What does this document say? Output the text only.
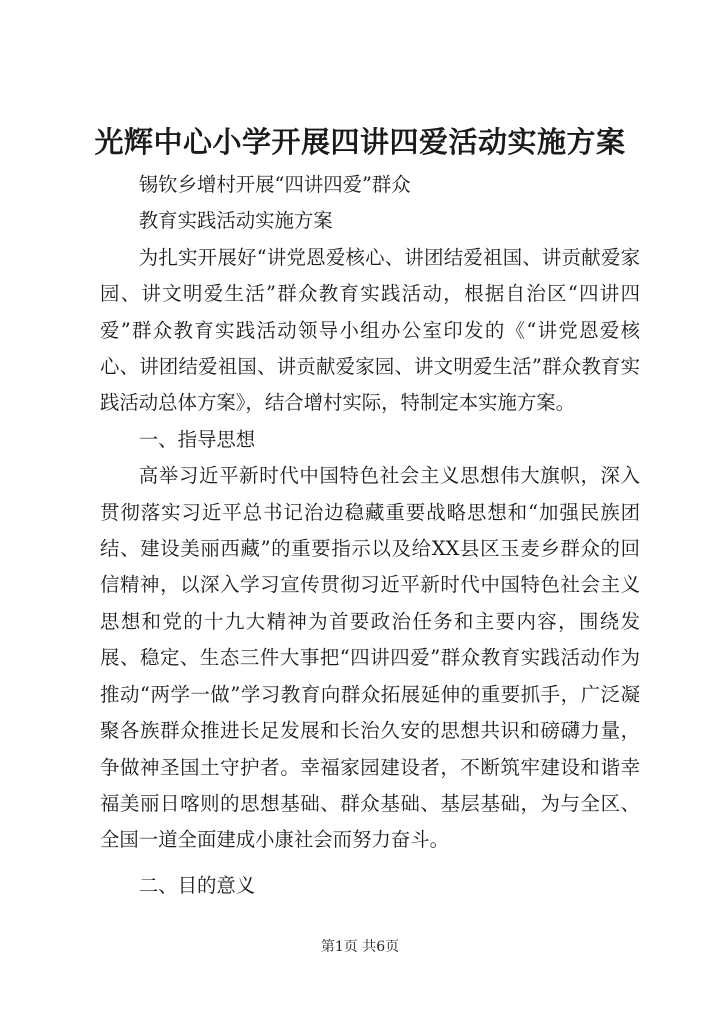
光辉中心小学开展四讲四爱活动实施方案

锡钦乡增村开展“四讲四爱”群众

教育实践活动实施方案

为扎实开展好“讲党恩爱核心、讲团结爱祖国、讲贡献爱家园、讲文明爱生活”群众教育实践活动，根据自治区“四讲四爱”群众教育实践活动领导小组办公室印发的《“讲党恩爱核心、讲团结爱祖国、讲贡献爱家园、讲文明爱生活”群众教育实践活动总体方案》，结合增村实际，特制定本实施方案。

一、指导思想

高举习近平新时代中国特色社会主义思想伟大旗帜，深入贯彻落实习近平总书记治边稳藏重要战略思想和“加强民族团结、建设美丽西藏”的重要指示以及给XX县区玉麦乡群众的回信精神，以深入学习宣传贯彻习近平新时代中国特色社会主义思想和党的十九大精神为首要政治任务和主要内容，围绕发展、稳定、生态三件大事把“四讲四爱”群众教育实践活动作为推动“两学一做”学习教育向群众拓展延伸的重要抓手，广泛凝聚各族群众推进长足发展和长治久安的思想共识和磅礴力量，争做神圣国土守护者。幸福家园建设者，不断筑牢建设和谐幸福美丽日喀则的思想基础、群众基础、基层基础，为与全区、全国一道全面建成小康社会而努力奋斗。

二、目的意义

第1页 共6页
